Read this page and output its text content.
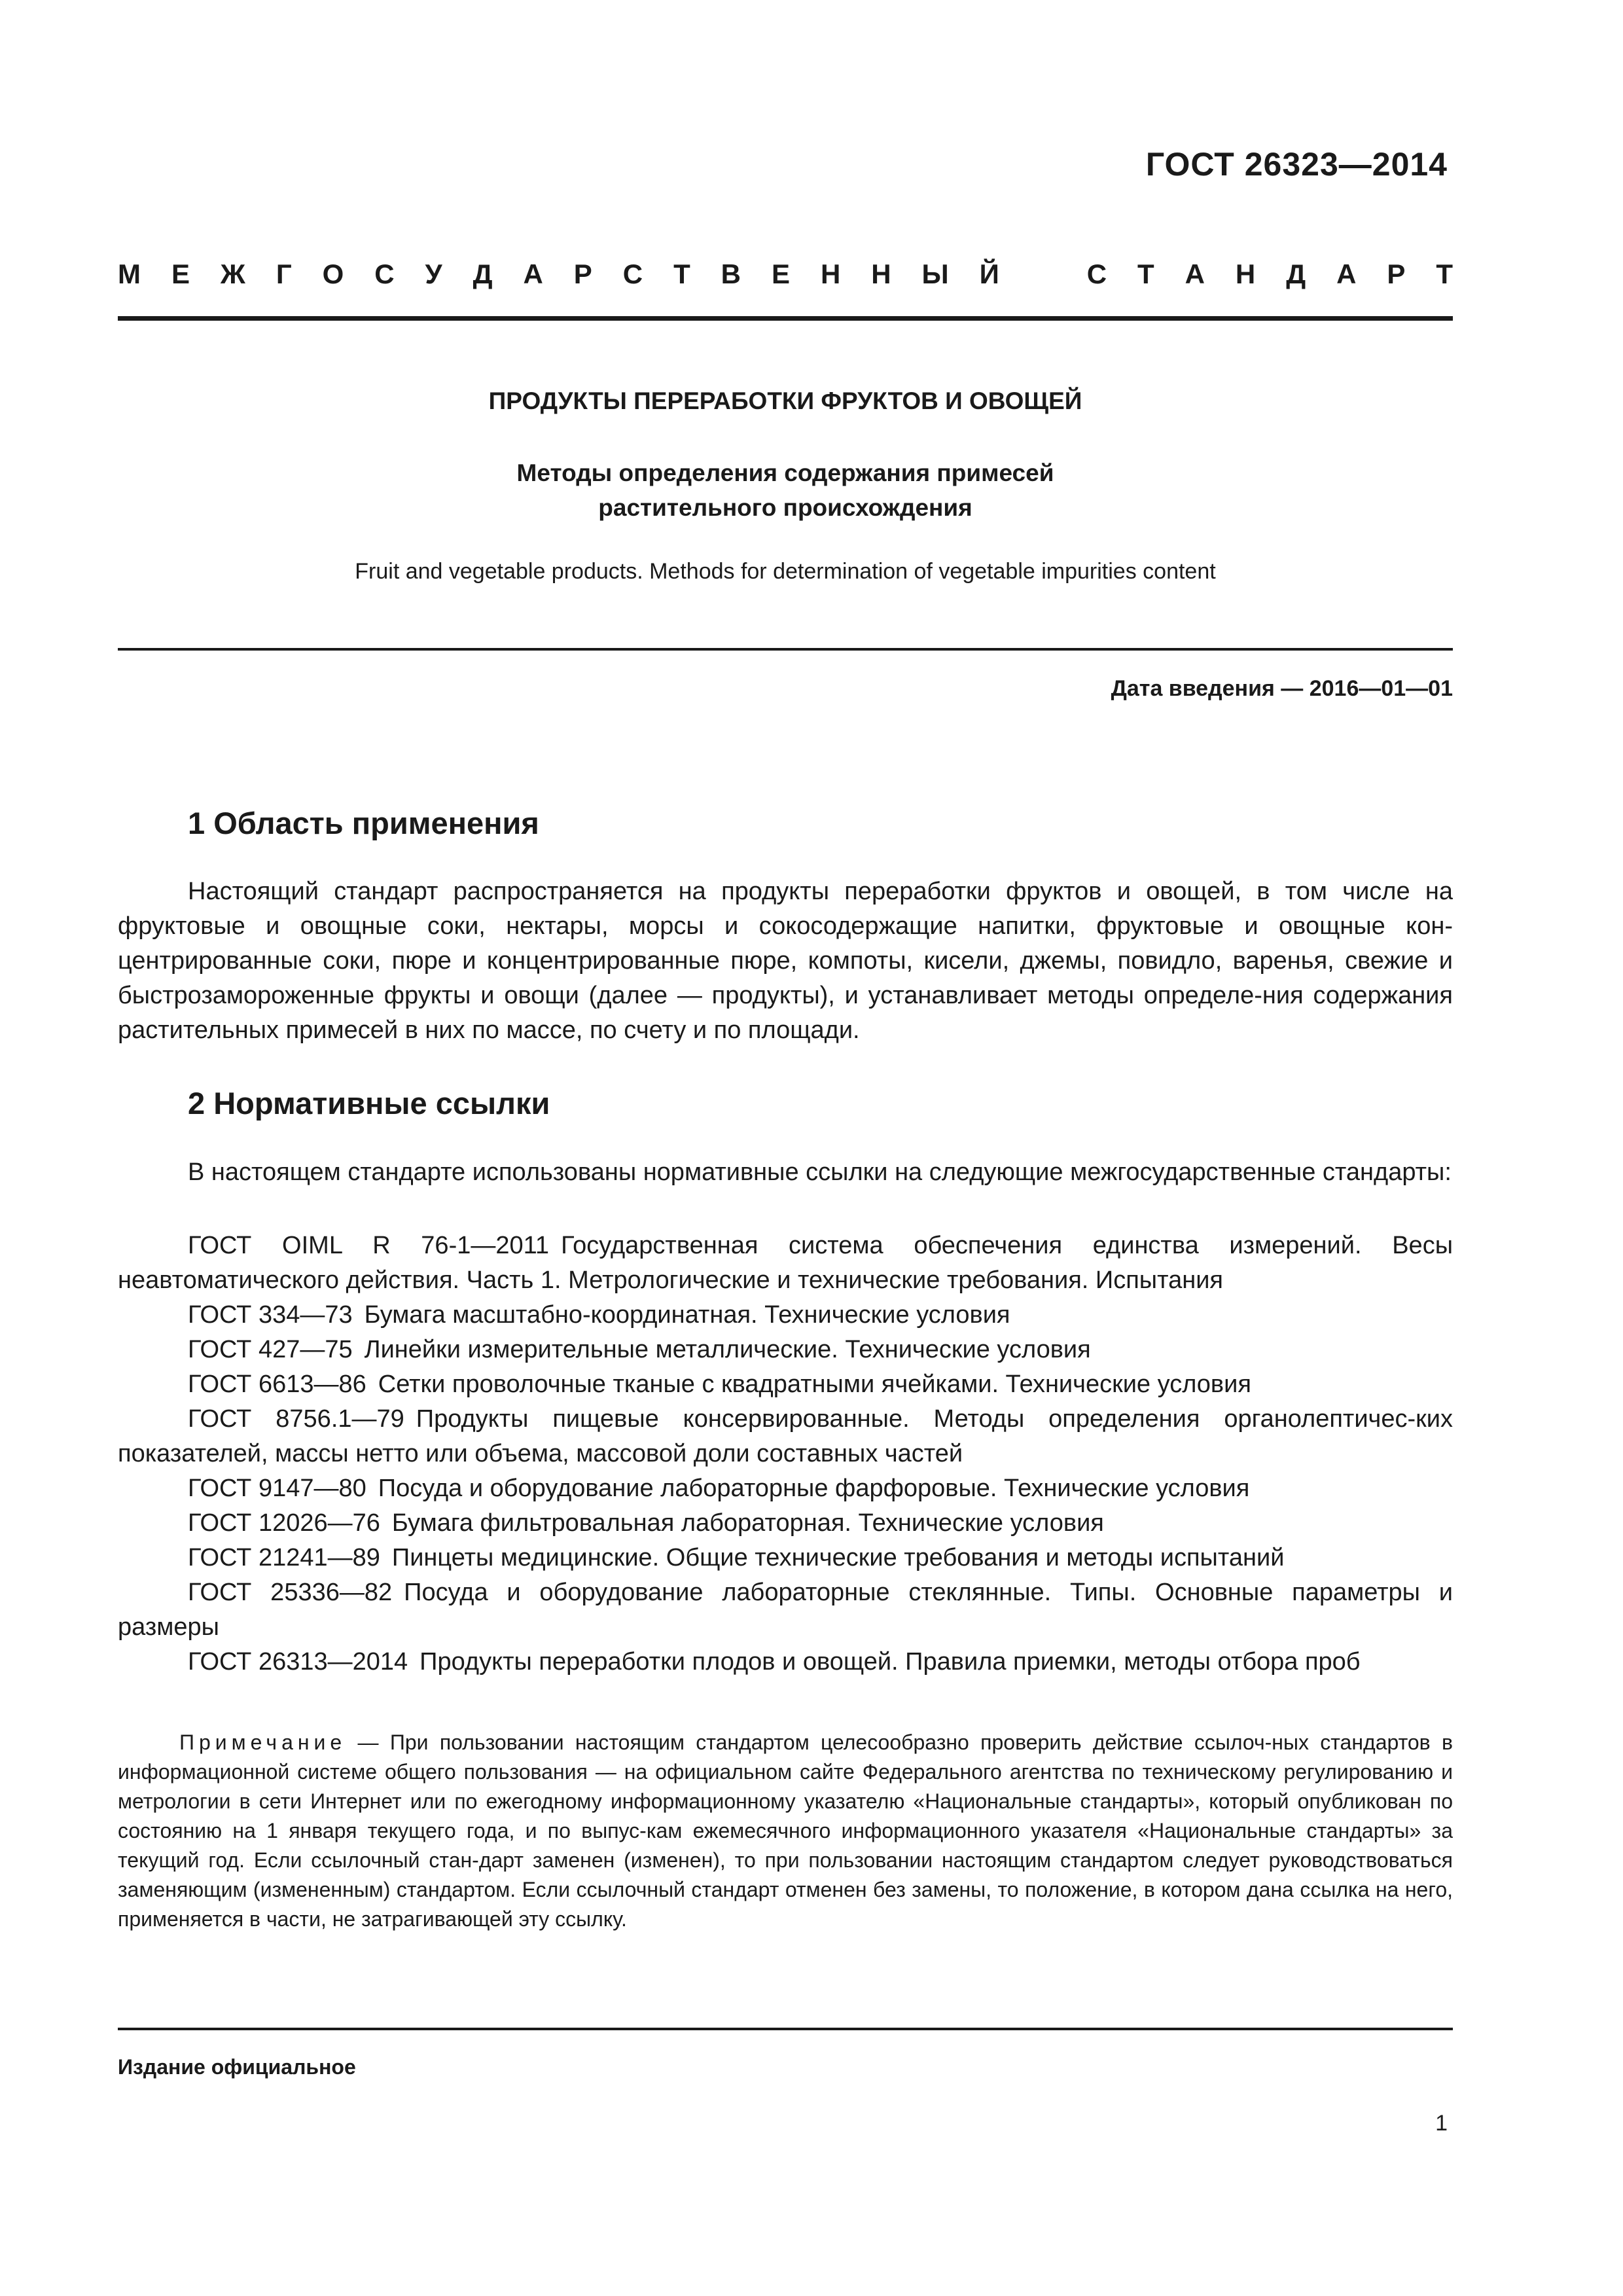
ГОСТ 26323—2014
М Е Ж Г О С У Д А Р С Т В Е Н Н Ы Й	С Т А Н Д А Р Т
ПРОДУКТЫ ПЕРЕРАБОТКИ ФРУКТОВ И ОВОЩЕЙ
Методы определения содержания примесей
растительного происхождения
Fruit and vegetable products. Methods for determination of vegetable impurities content
Дата введения — 2016—01—01
1 Область применения
Настоящий стандарт распространяется на продукты переработки фруктов и овощей, в том числе на фруктовые и овощные соки, нектары, морсы и сокосодержащие напитки, фруктовые и овощные кон-центрированные соки, пюре и концентрированные пюре, компоты, кисели, джемы, повидло, варенья, свежие и быстрозамороженные фрукты и овощи (далее — продукты), и устанавливает методы определе-ния содержания растительных примесей в них по массе, по счету и по площади.
2 Нормативные ссылки
В настоящем стандарте использованы нормативные ссылки на следующие межгосударственные стандарты:

ГОСТ OIML R 76-1—2011 Государственная система обеспечения единства измерений. Весы неавтоматического действия. Часть 1. Метрологические и технические требования. Испытания

ГОСТ 334—73 Бумага масштабно-координатная. Технические условия

ГОСТ 427—75 Линейки измерительные металлические. Технические условия

ГОСТ 6613—86 Сетки проволочные тканые с квадратными ячейками. Технические условия

ГОСТ 8756.1—79 Продукты пищевые консервированные. Методы определения органолептичес-ких показателей, массы нетто или объема, массовой доли составных частей

ГОСТ 9147—80 Посуда и оборудование лабораторные фарфоровые. Технические условия

ГОСТ 12026—76 Бумага фильтровальная лабораторная. Технические условия

ГОСТ 21241—89 Пинцеты медицинские. Общие технические требования и методы испытаний

ГОСТ 25336—82 Посуда и оборудование лабораторные стеклянные. Типы. Основные параметры и размеры

ГОСТ 26313—2014 Продукты переработки плодов и овощей. Правила приемки, методы отбора проб

Примечание — При пользовании настоящим стандартом целесообразно проверить действие ссылоч-ных стандартов в информационной системе общего пользования — на официальном сайте Федерального агентства по техническому регулированию и метрологии в сети Интернет или по ежегодному информационному указателю «Национальные стандарты», который опубликован по состоянию на 1 января текущего года, и по выпус-кам ежемесячного информационного указателя «Национальные стандарты» за текущий год. Если ссылочный стан-дарт заменен (изменен), то при пользовании настоящим стандартом следует руководствоваться заменяющим (измененным) стандартом. Если ссылочный стандарт отменен без замены, то положение, в котором дана ссылка на него, применяется в части, не затрагивающей эту ссылку.
Издание официальное
1
